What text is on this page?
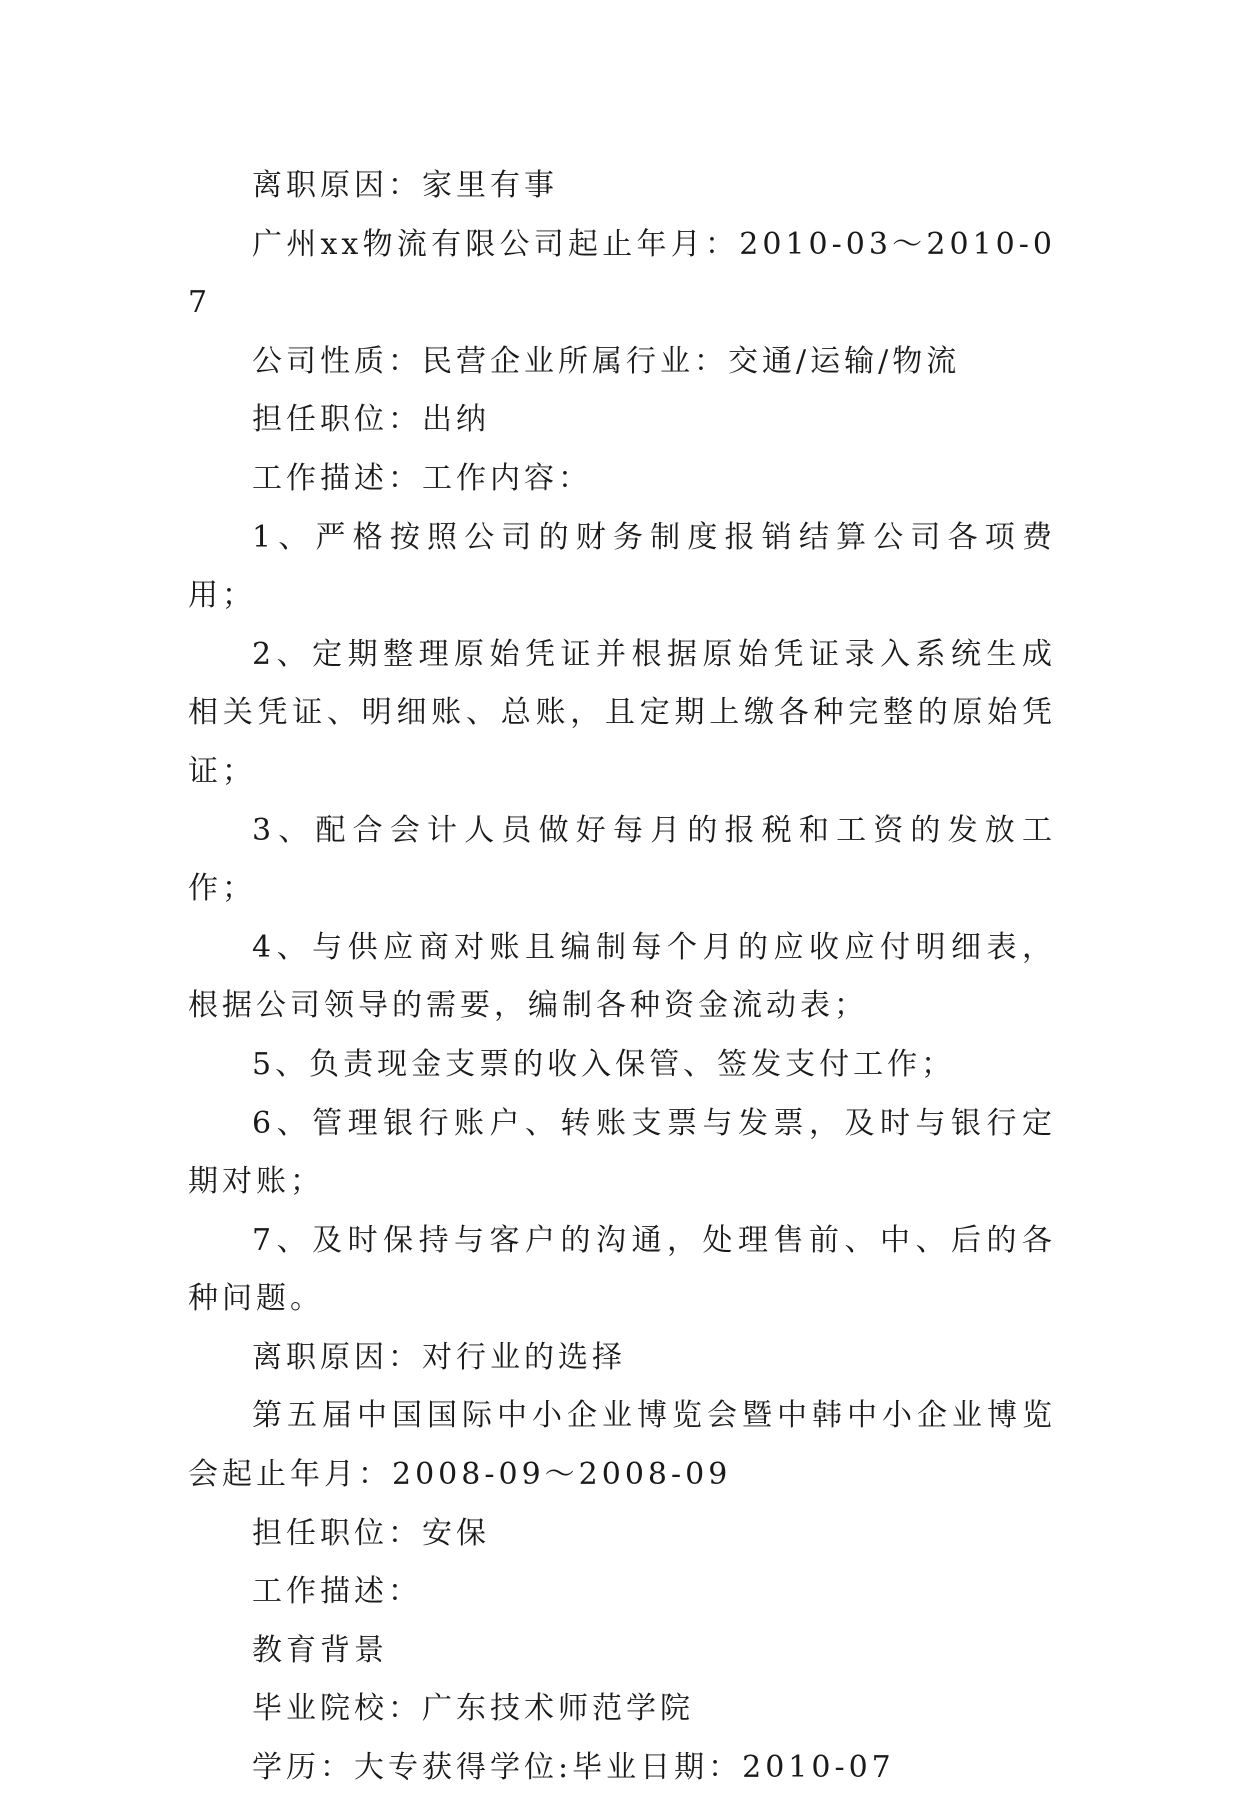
离职原因：家里有事

广州xx物流有限公司起止年月：2010-03～2010-07

公司性质：民营企业所属行业：交通/运输/物流

担任职位：出纳

工作描述：工作内容：

1、严格按照公司的财务制度报销结算公司各项费用；

2、定期整理原始凭证并根据原始凭证录入系统生成相关凭证、明细账、总账，且定期上缴各种完整的原始凭证；

3、配合会计人员做好每月的报税和工资的发放工作；

4、与供应商对账且编制每个月的应收应付明细表，根据公司领导的需要，编制各种资金流动表；

5、负责现金支票的收入保管、签发支付工作；

6、管理银行账户、转账支票与发票，及时与银行定期对账；

7、及时保持与客户的沟通，处理售前、中、后的各种问题。

离职原因：对行业的选择

第五届中国国际中小企业博览会暨中韩中小企业博览会起止年月：2008-09～2008-09

担任职位：安保

工作描述：

教育背景

毕业院校：广东技术师范学院

学历：大专获得学位:毕业日期：2010-07
